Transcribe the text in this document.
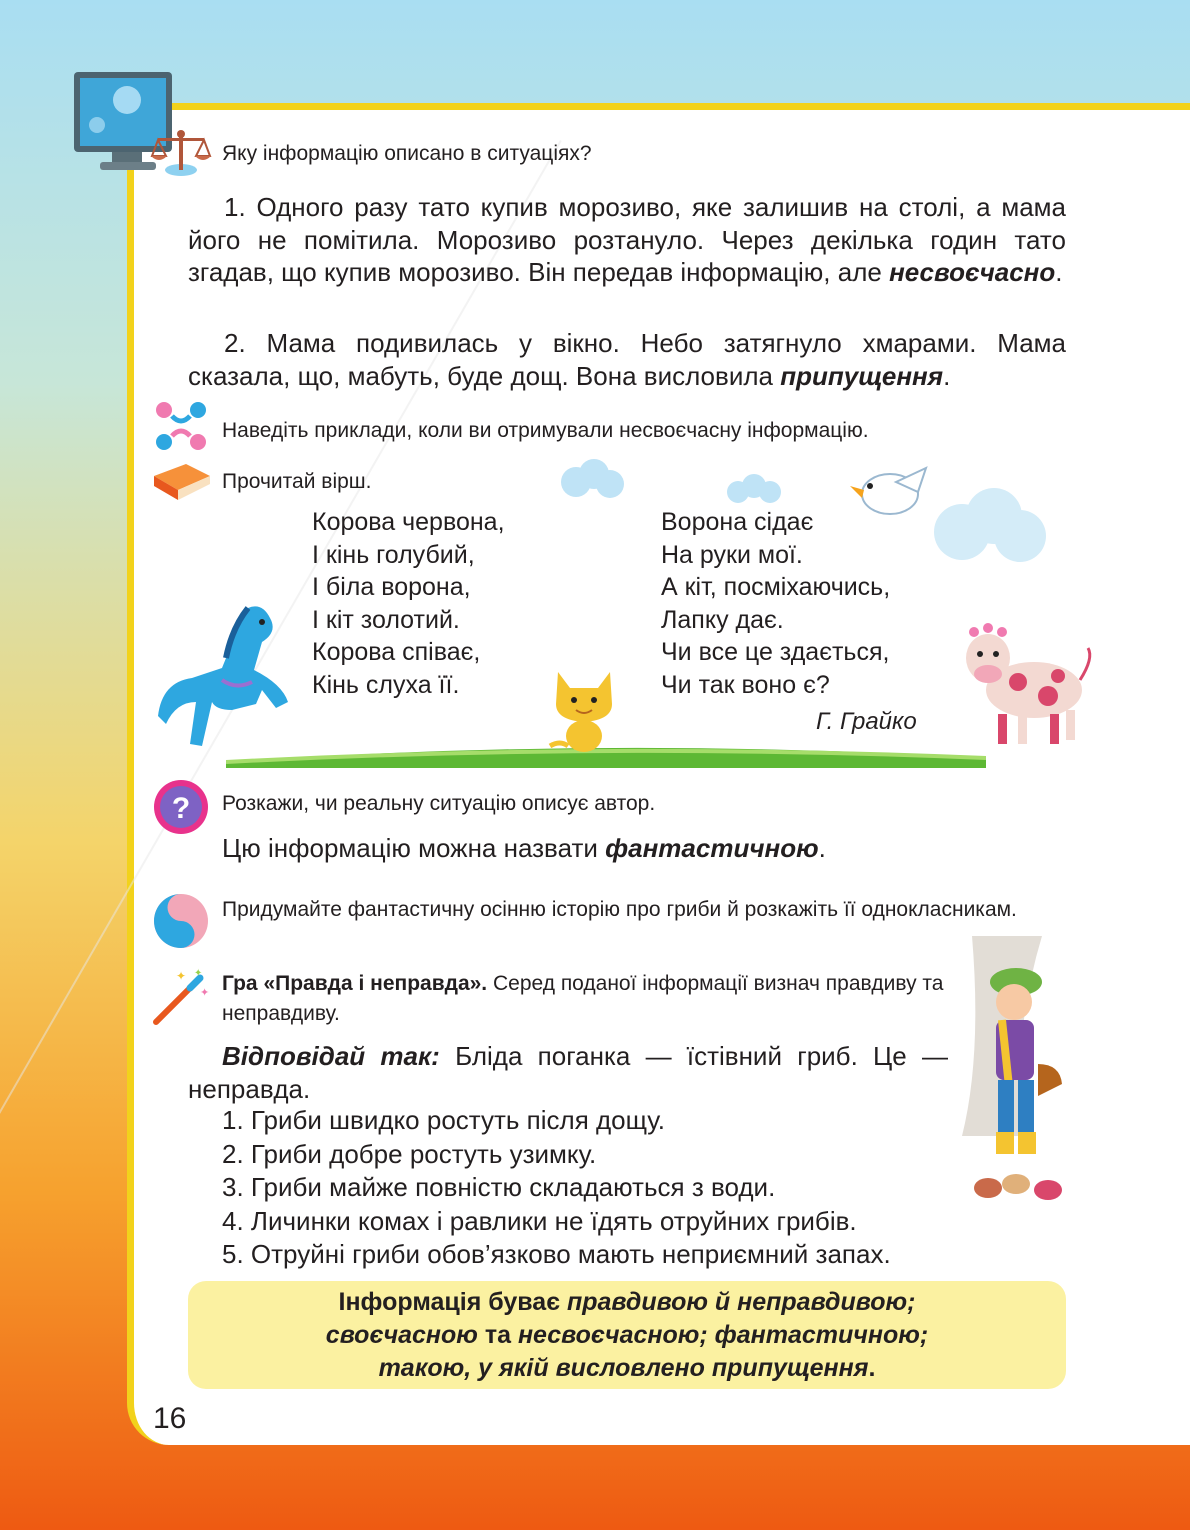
Яку інформацію описано в ситуаціях?
1. Одного разу тато купив морозиво, яке залишив на столі, а мама його не помітила. Морозиво розтануло. Через декілька годин тато згадав, що купив морозиво. Він передав інформацію, але несвоєчасно.
2. Мама подивилась у вікно. Небо затягнуло хмарами. Мама сказала, що, мабуть, буде дощ. Вона висловила припущення.
Наведіть приклади, коли ви отримували несвоєчасну інформацію.
Прочитай вірш.
Корова червона,
І кінь голубий,
І біла ворона,
І кіт золотий.
Корова співає,
Кінь слуха її.
Ворона сідає
На руки мої.
А кіт, посміхаючись,
Лапку дає.
Чи все це здається,
Чи так воно є?
Г. Грайко
? Розкажи, чи реальну ситуацію описує автор.
Цю інформацію можна назвати фантастичною.
Придумайте фантастичну осінню історію про гриби й розкажіть її однокласникам.
✦ ✦
✦ Гра «Правда і неправда». Серед поданої інформації визнач правдиву та неправдиву.
Відповідай так: Бліда поганка — їстівний гриб. Це — неправда.
1. Гриби швидко ростуть після дощу.
2. Гриби добре ростуть узимку.
3. Гриби майже повністю складаються з води.
4. Личинки комах і равлики не їдять отруйних грибів.
5. Отруйні гриби обов’язково мають неприємний запах.
Інформація буває правдивою й неправдивою;
своєчасною та несвоєчасною; фантастичною;
такою, у якій висловлено припущення.
16
